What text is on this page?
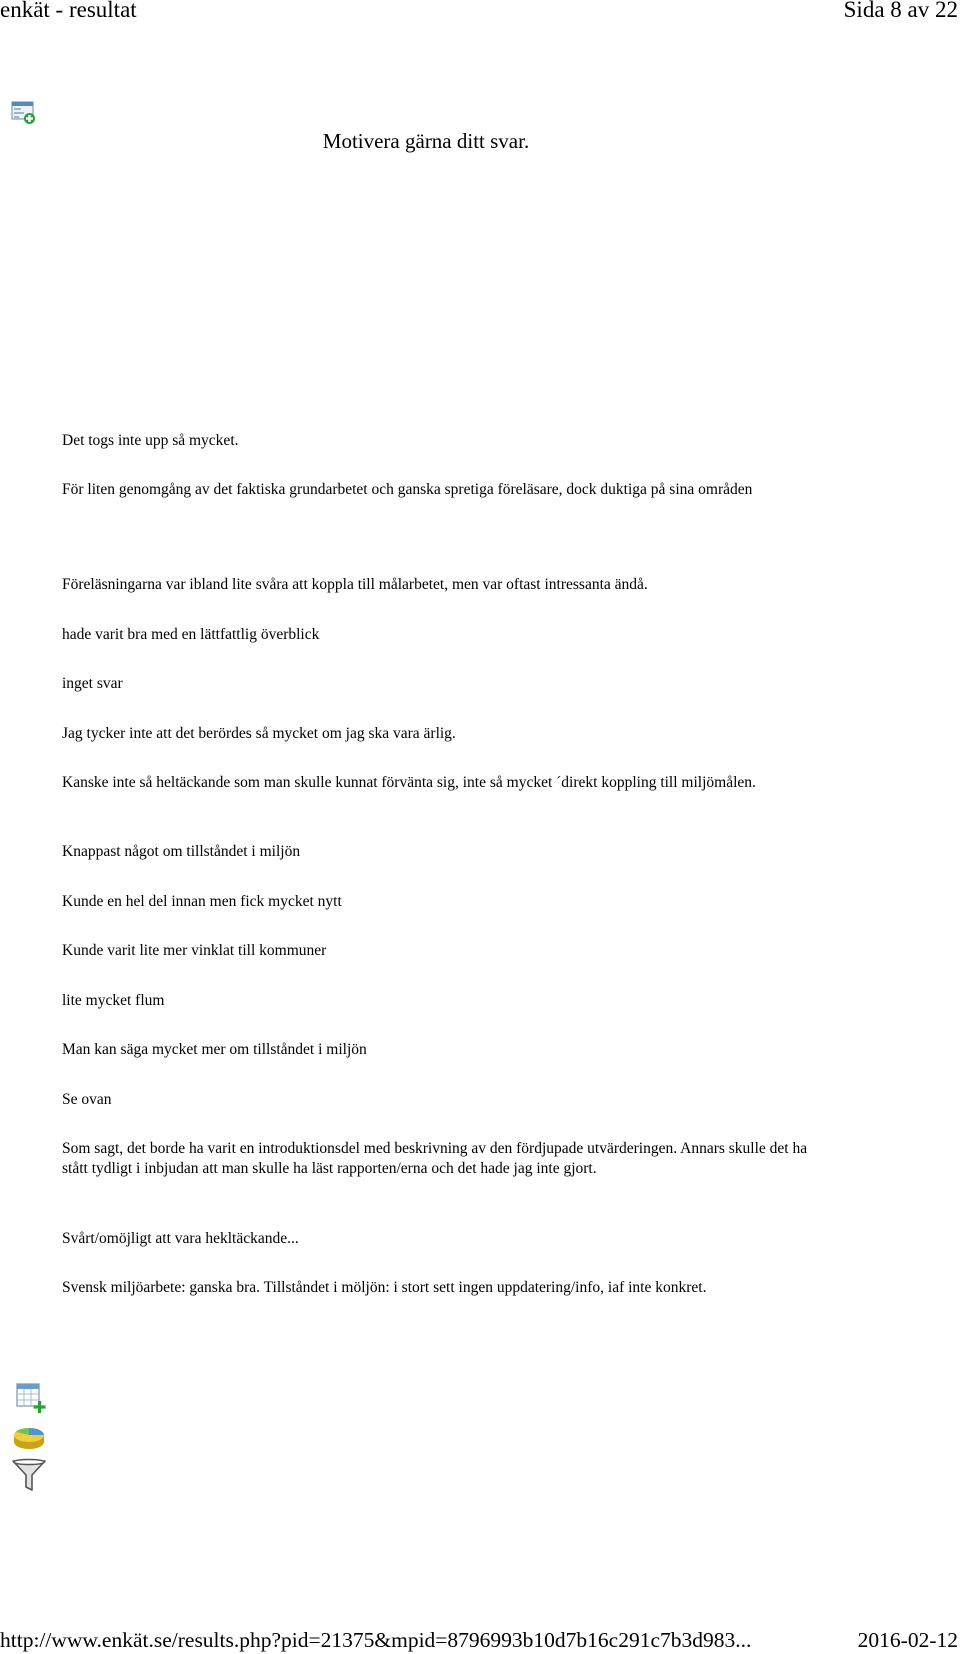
enkät - resultat	Sida 8 av 22
Motivera gärna ditt svar.
Det togs inte upp så mycket.
För liten genomgång av det faktiska grundarbetet och ganska spretiga föreläsare, dock duktiga på sina områden
Föreläsningarna var ibland lite svåra att koppla till målarbetet, men var oftast intressanta ändå.
hade varit bra med en lättfattlig överblick
inget svar
Jag tycker inte att det berördes så mycket om jag ska vara ärlig.
Kanske inte så heltäckande som man skulle kunnat förvänta sig, inte så mycket ´direkt koppling till miljömålen.
Knappast något om tillståndet i miljön
Kunde en hel del innan men fick mycket nytt
Kunde varit lite mer vinklat till kommuner
lite mycket flum
Man kan säga mycket mer om tillståndet i miljön
Se ovan
Som sagt, det borde ha varit en introduktionsdel med beskrivning av den fördjupade utvärderingen. Annars skulle det ha stått tydligt i inbjudan att man skulle ha läst rapporten/erna och det hade jag inte gjort.
Svårt/omöjligt att vara hekltäckande...
Svensk miljöarbete: ganska bra. Tillståndet i möljön: i stort sett ingen uppdatering/info, iaf inte konkret.
http://www.enkät.se/results.php?pid=21375&mpid=8796993b10d7b16c291c7b3d983...	2016-02-12
